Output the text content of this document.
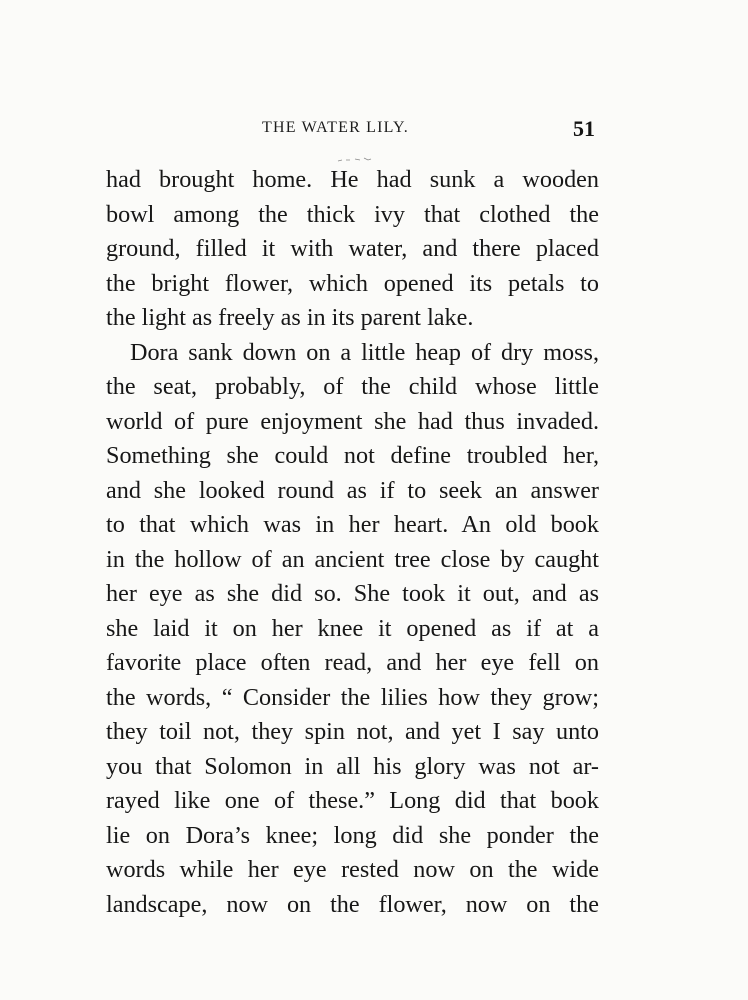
THE WATER LILY.	51
had brought home. He had sunk a wooden
bowl among the thick ivy that clothed the
ground, filled it with water, and there placed
the bright flower, which opened its petals to
the light as freely as in its parent lake.
Dora sank down on a little heap of dry moss,
the seat, probably, of the child whose little
world of pure enjoyment she had thus invaded.
Something she could not define troubled her,
and she looked round as if to seek an answer
to that which was in her heart. An old book
in the hollow of an ancient tree close by caught
her eye as she did so. She took it out, and as
she laid it on her knee it opened as if at a
favorite place often read, and her eye fell on
the words, “ Consider the lilies how they grow;
they toil not, they spin not, and yet I say unto
you that Solomon in all his glory was not ar-
rayed like one of these.” Long did that book
lie on Dora’s knee; long did she ponder the
words while her eye rested now on the wide
landscape, now on the flower, now on the
